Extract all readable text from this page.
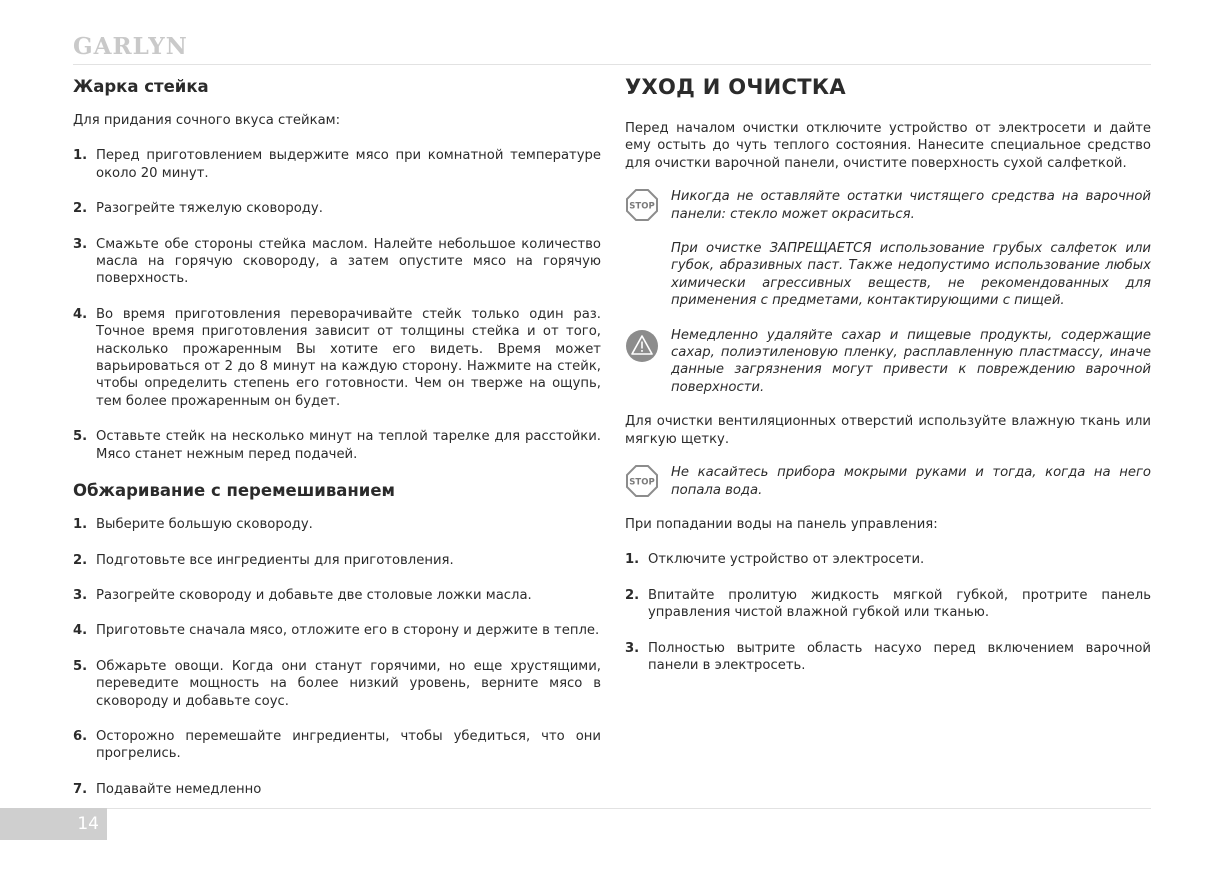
GARLYN
Жарка стейка

Для придания сочного вкуса стейкам:

1. Перед приготовлением выдержите мясо при комнатной температуре около 20 минут.
2. Разогрейте тяжелую сковороду.
3. Смажьте обе стороны стейка маслом. Налейте небольшое количество масла на горячую сковороду, а затем опустите мясо на горячую поверхность.
4. Во время приготовления переворачивайте стейк только один раз. Точное время приготовления зависит от толщины стейка и от того, насколько прожаренным Вы хотите его видеть. Время может варьироваться от 2 до 8 минут на каждую сторону. Нажмите на стейк, чтобы определить степень его готовности. Чем он тверже на ощупь, тем более прожаренным он будет.
5. Оставьте стейк на несколько минут на теплой тарелке для расстойки. Мясо станет нежным перед подачей.
Обжаривание с перемешиванием
1. Выберите большую сковороду.
2. Подготовьте все ингредиенты для приготовления.
3. Разогрейте сковороду и добавьте две столовые ложки масла.
4. Приготовьте сначала мясо, отложите его в сторону и держите в тепле.
5. Обжарьте овощи. Когда они станут горячими, но еще хрустящими, переведите мощность на более низкий уровень, верните мясо в сковороду и добавьте соус.
6. Осторожно перемешайте ингредиенты, чтобы убедиться, что они прогрелись.
7. Подавайте немедленно
УХОД И ОЧИСТКА

Перед началом очистки отключите устройство от электросети и дайте ему остыть до чуть теплого состояния. Нанесите специальное средство для очистки варочной панели, очистите поверхность сухой салфеткой.

STOP

Никогда не оставляйте остатки чистящего средства на варочной панели: стекло может окраситься.

При очистке ЗАПРЕЩАЕТСЯ использование грубых салфеток или губок, абразивных паст. Также недопустимо использование любых химически агрессивных веществ, не рекомендованных для применения с предметами, контактирующими с пищей.

Немедленно удаляйте сахар и пищевые продукты, содержащие сахар, полиэтиленовую пленку, расплавленную пластмассу, иначе данные загрязнения могут привести к повреждению варочной поверхности.

Для очистки вентиляционных отверстий используйте влажную ткань или мягкую щетку.

STOP

Не касайтесь прибора мокрыми руками и тогда, когда на него попала вода.

При попадании воды на панель управления:

1. Отключите устройство от электросети.
2. Впитайте пролитую жидкость мягкой губкой, протрите панель управления чистой влажной губкой или тканью.
3. Полностью вытрите область насухо перед включением варочной панели в электросеть.
14
